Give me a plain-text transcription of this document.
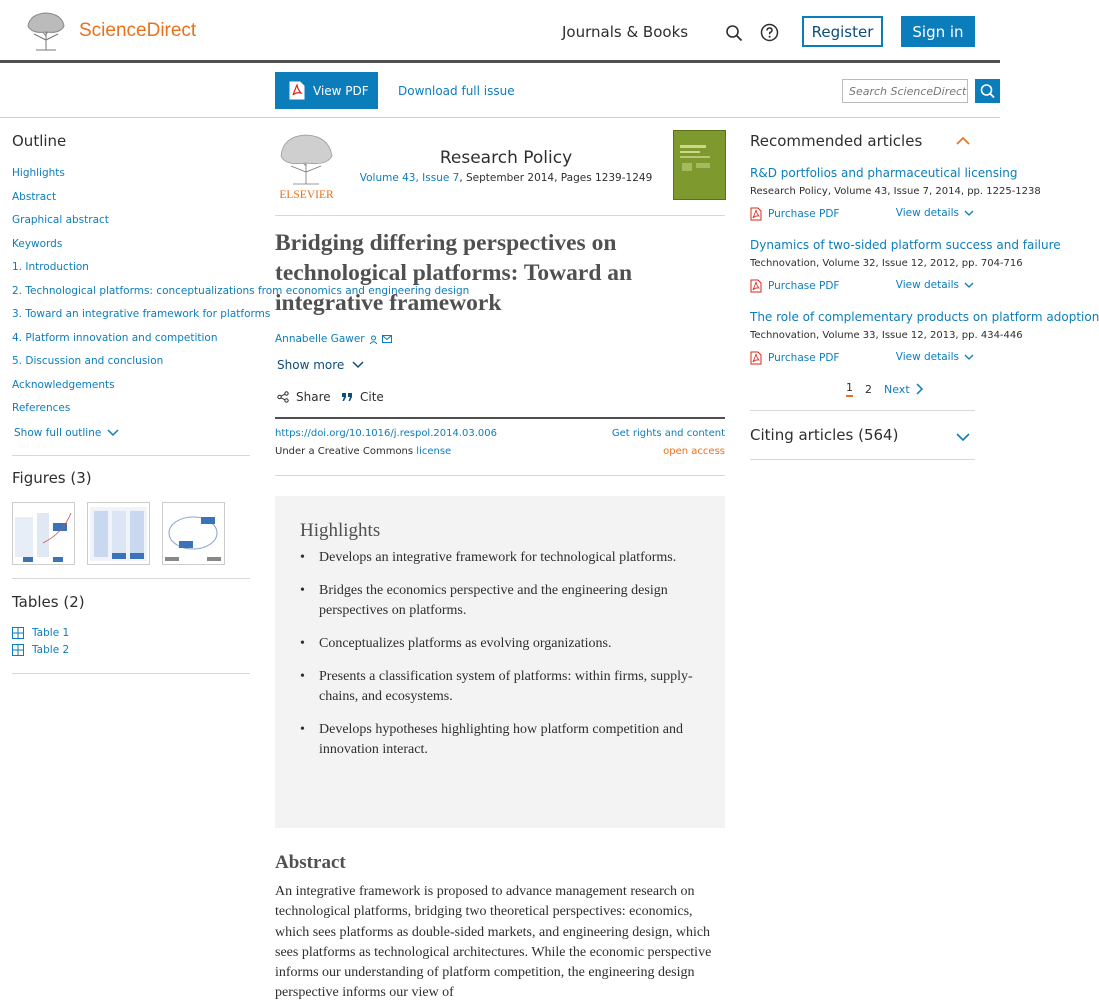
ScienceDirect	Journals & Books	Register	Sign in
View PDF Download full issue	Search ScienceDirect
Outline
Highlights
Abstract
Graphical abstract
Keywords
1. Introduction
2. Technological platforms: conceptualizations from economics and engineering design
3. Toward an integrative framework for platforms
4. Platform innovation and competition
5. Discussion and conclusion
Acknowledgements
References
Show full outline
Figures (3)
Tables (2)
Table 1
Table 2
ELSEVIER
Research Policy
Volume 43, Issue 7, September 2014, Pages 1239-1249
Bridging differing perspectives on technological platforms: Toward an integrative framework
Annabelle Gawer
Show more
Share Cite
https://doi.org/10.1016/j.respol.2014.03.006
Under a Creative Commons license
Get rights and content
open access
Highlights
• Develops an integrative framework for technological platforms.
• Bridges the economics perspective and the engineering design perspectives on platforms.
• Conceptualizes platforms as evolving organizations.
• Presents a classification system of platforms: within firms, supply-chains, and ecosystems.
• Develops hypotheses highlighting how platform competition and innovation interact.
Abstract

An integrative framework is proposed to advance management research on technological platforms, bridging two theoretical perspectives: economics, which sees platforms as double-sided markets, and engineering design, which sees platforms as technological architectures. While the economic perspective informs our understanding of platform competition, the engineering design perspective informs our view of

Recommended articles
R&D portfolios and pharmaceutical licensing
Research Policy, Volume 43, Issue 7, 2014, pp. 1225-1238
Purchase PDF	View details
Dynamics of two-sided platform success and failure
Technovation, Volume 32, Issue 12, 2012, pp. 704-716
Purchase PDF	View details
The role of complementary products on platform adoption
Technovation, Volume 33, Issue 12, 2013, pp. 434-446
Purchase PDF	View details
1 2 Next
Citing articles (564)
